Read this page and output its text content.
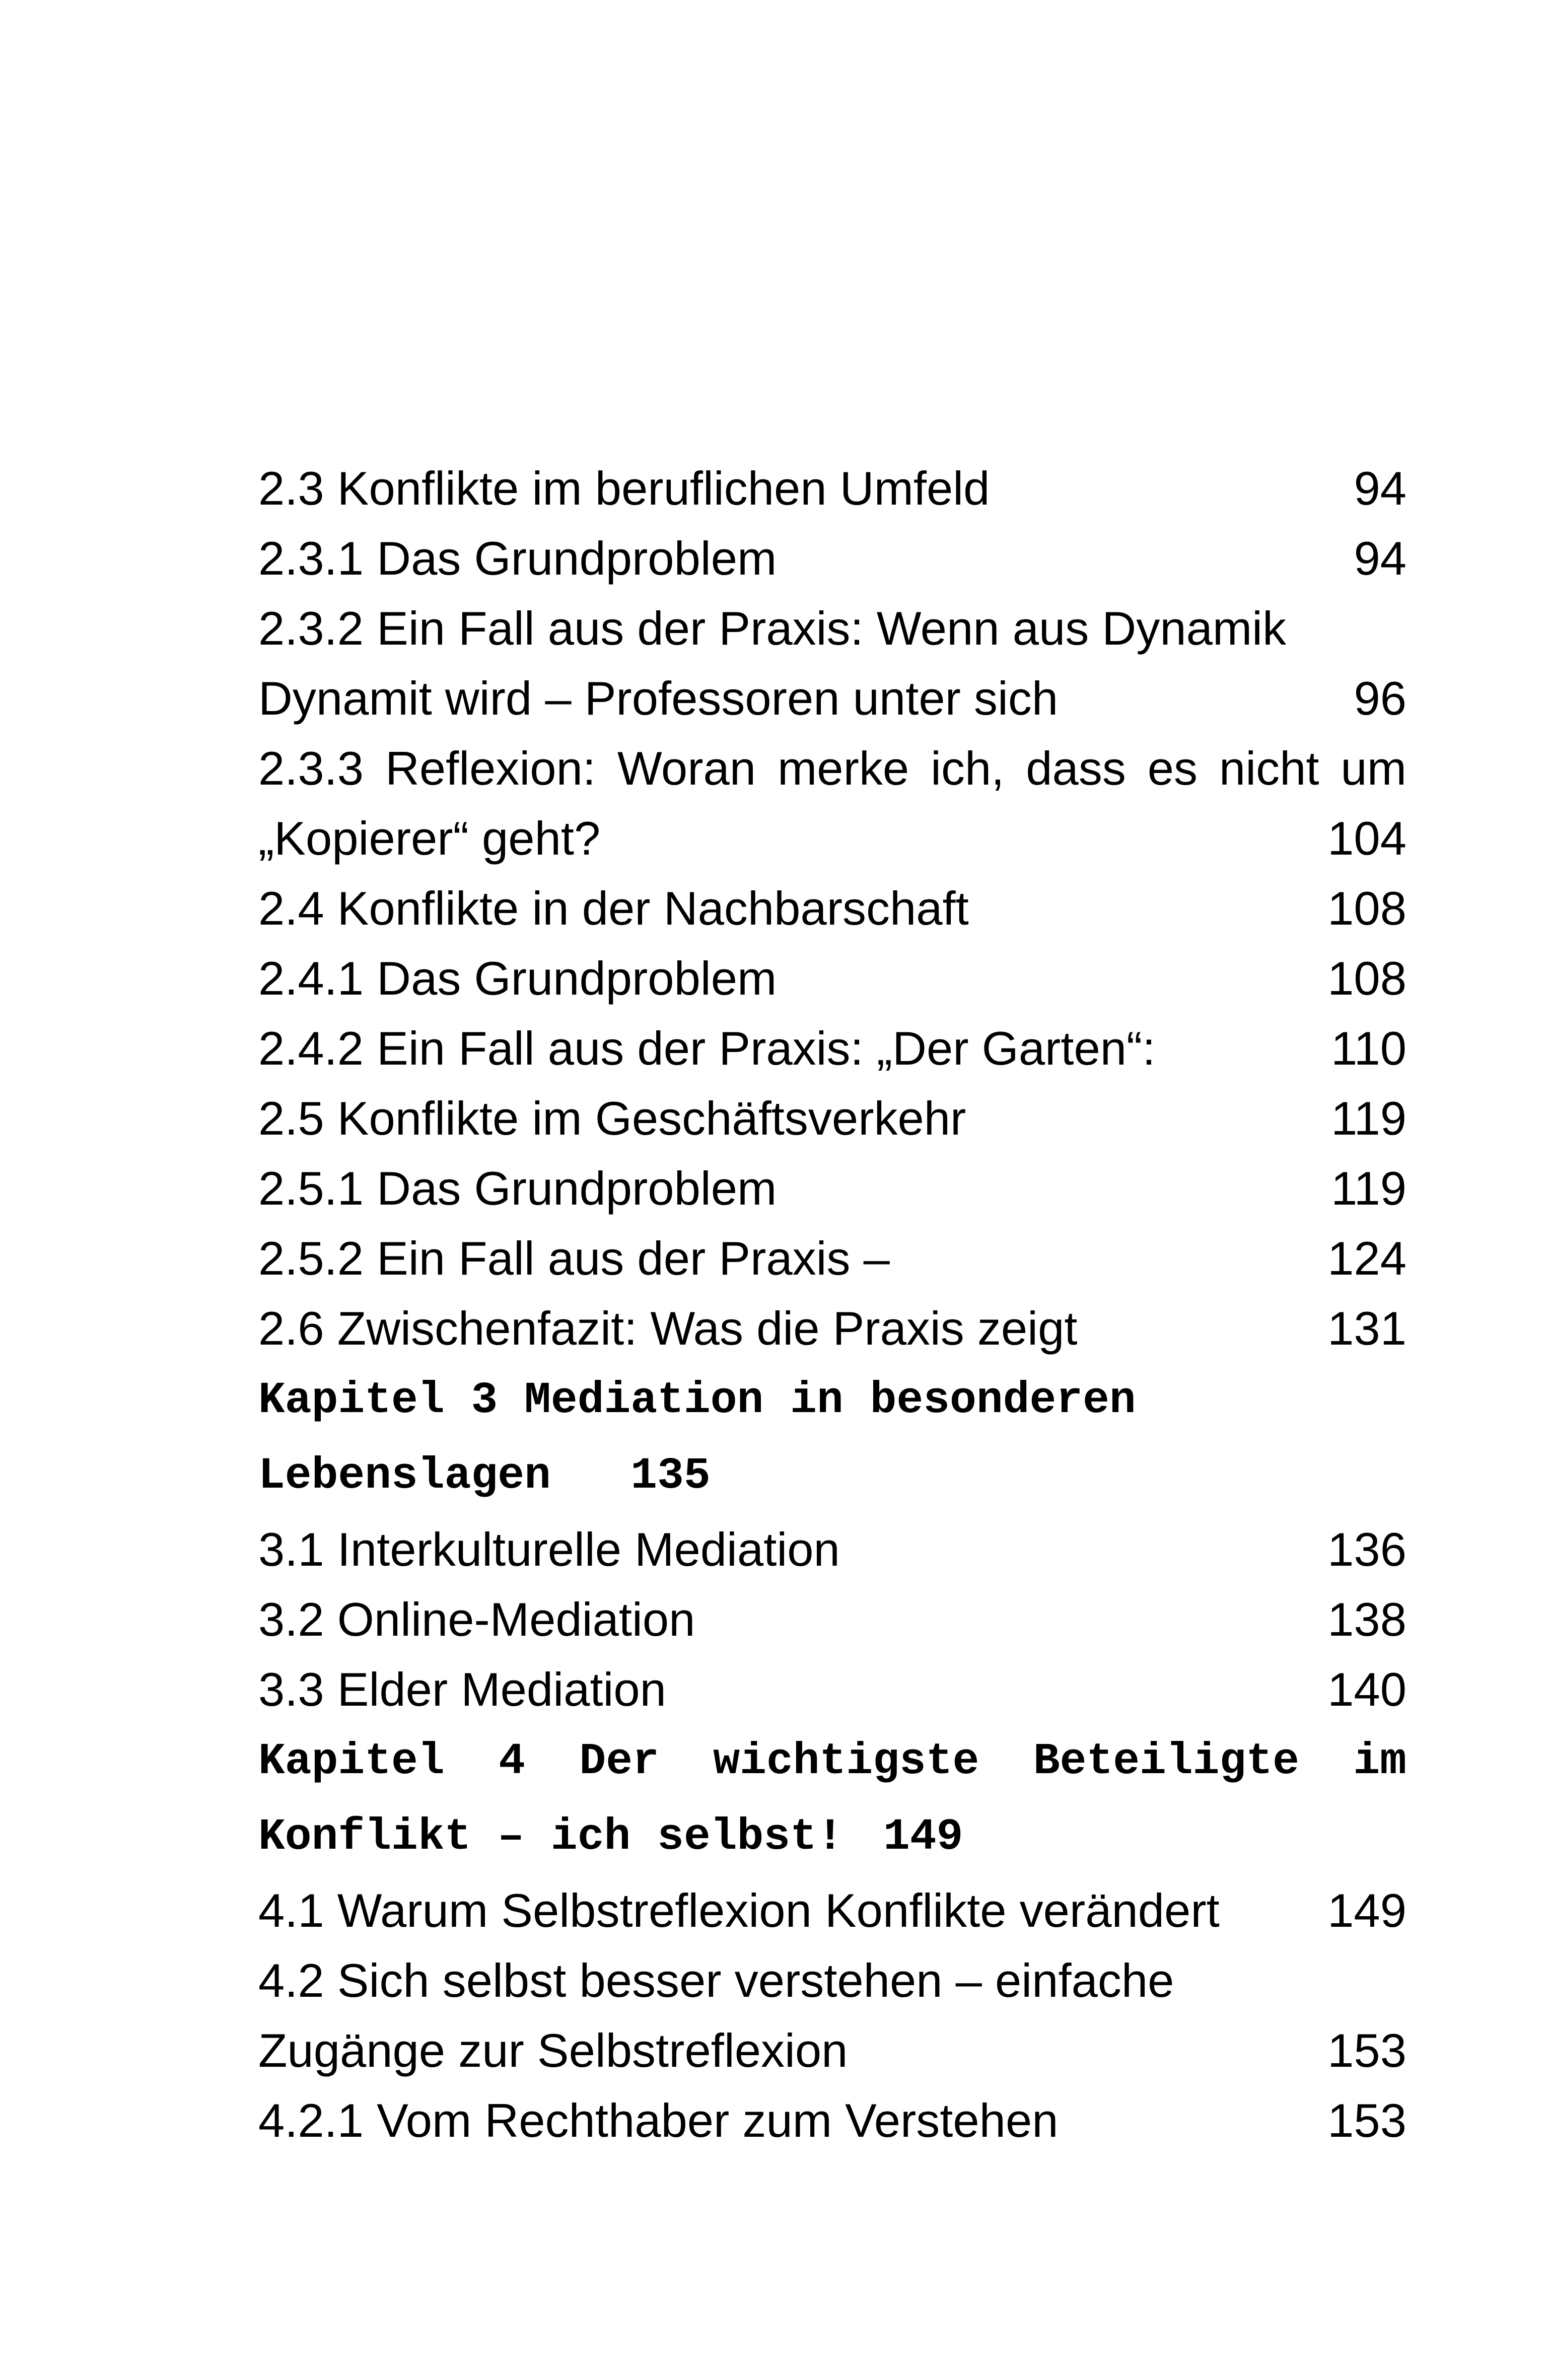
2.3 Konflikte im beruflichen Umfeld	94
2.3.1 Das Grundproblem	94
2.3.2 Ein Fall aus der Praxis: Wenn aus Dynamik
Dynamit wird – Professoren unter sich	96
2.3.3 Reflexion: Woran merke ich, dass es nicht um
„Kopierer“ geht?	104
2.4 Konflikte in der Nachbarschaft	108
2.4.1 Das Grundproblem	108
2.4.2 Ein Fall aus der Praxis: „Der Garten“:	110
2.5 Konflikte im Geschäftsverkehr	119
2.5.1 Das Grundproblem	119
2.5.2 Ein Fall aus der Praxis –	124
2.6 Zwischenfazit: Was die Praxis zeigt	131
Kapitel 3 Mediation in besonderen
Lebenslagen 135
3.1 Interkulturelle Mediation	136
3.2 Online-Mediation	138
3.3 Elder Mediation	140
Kapitel 4 Der wichtigste Beteiligte im
Konflikt – ich selbst! 149
4.1 Warum Selbstreflexion Konflikte verändert 149
4.2 Sich selbst besser verstehen – einfache
Zugänge zur Selbstreflexion	153
4.2.1 Vom Rechthaber zum Verstehen	153
